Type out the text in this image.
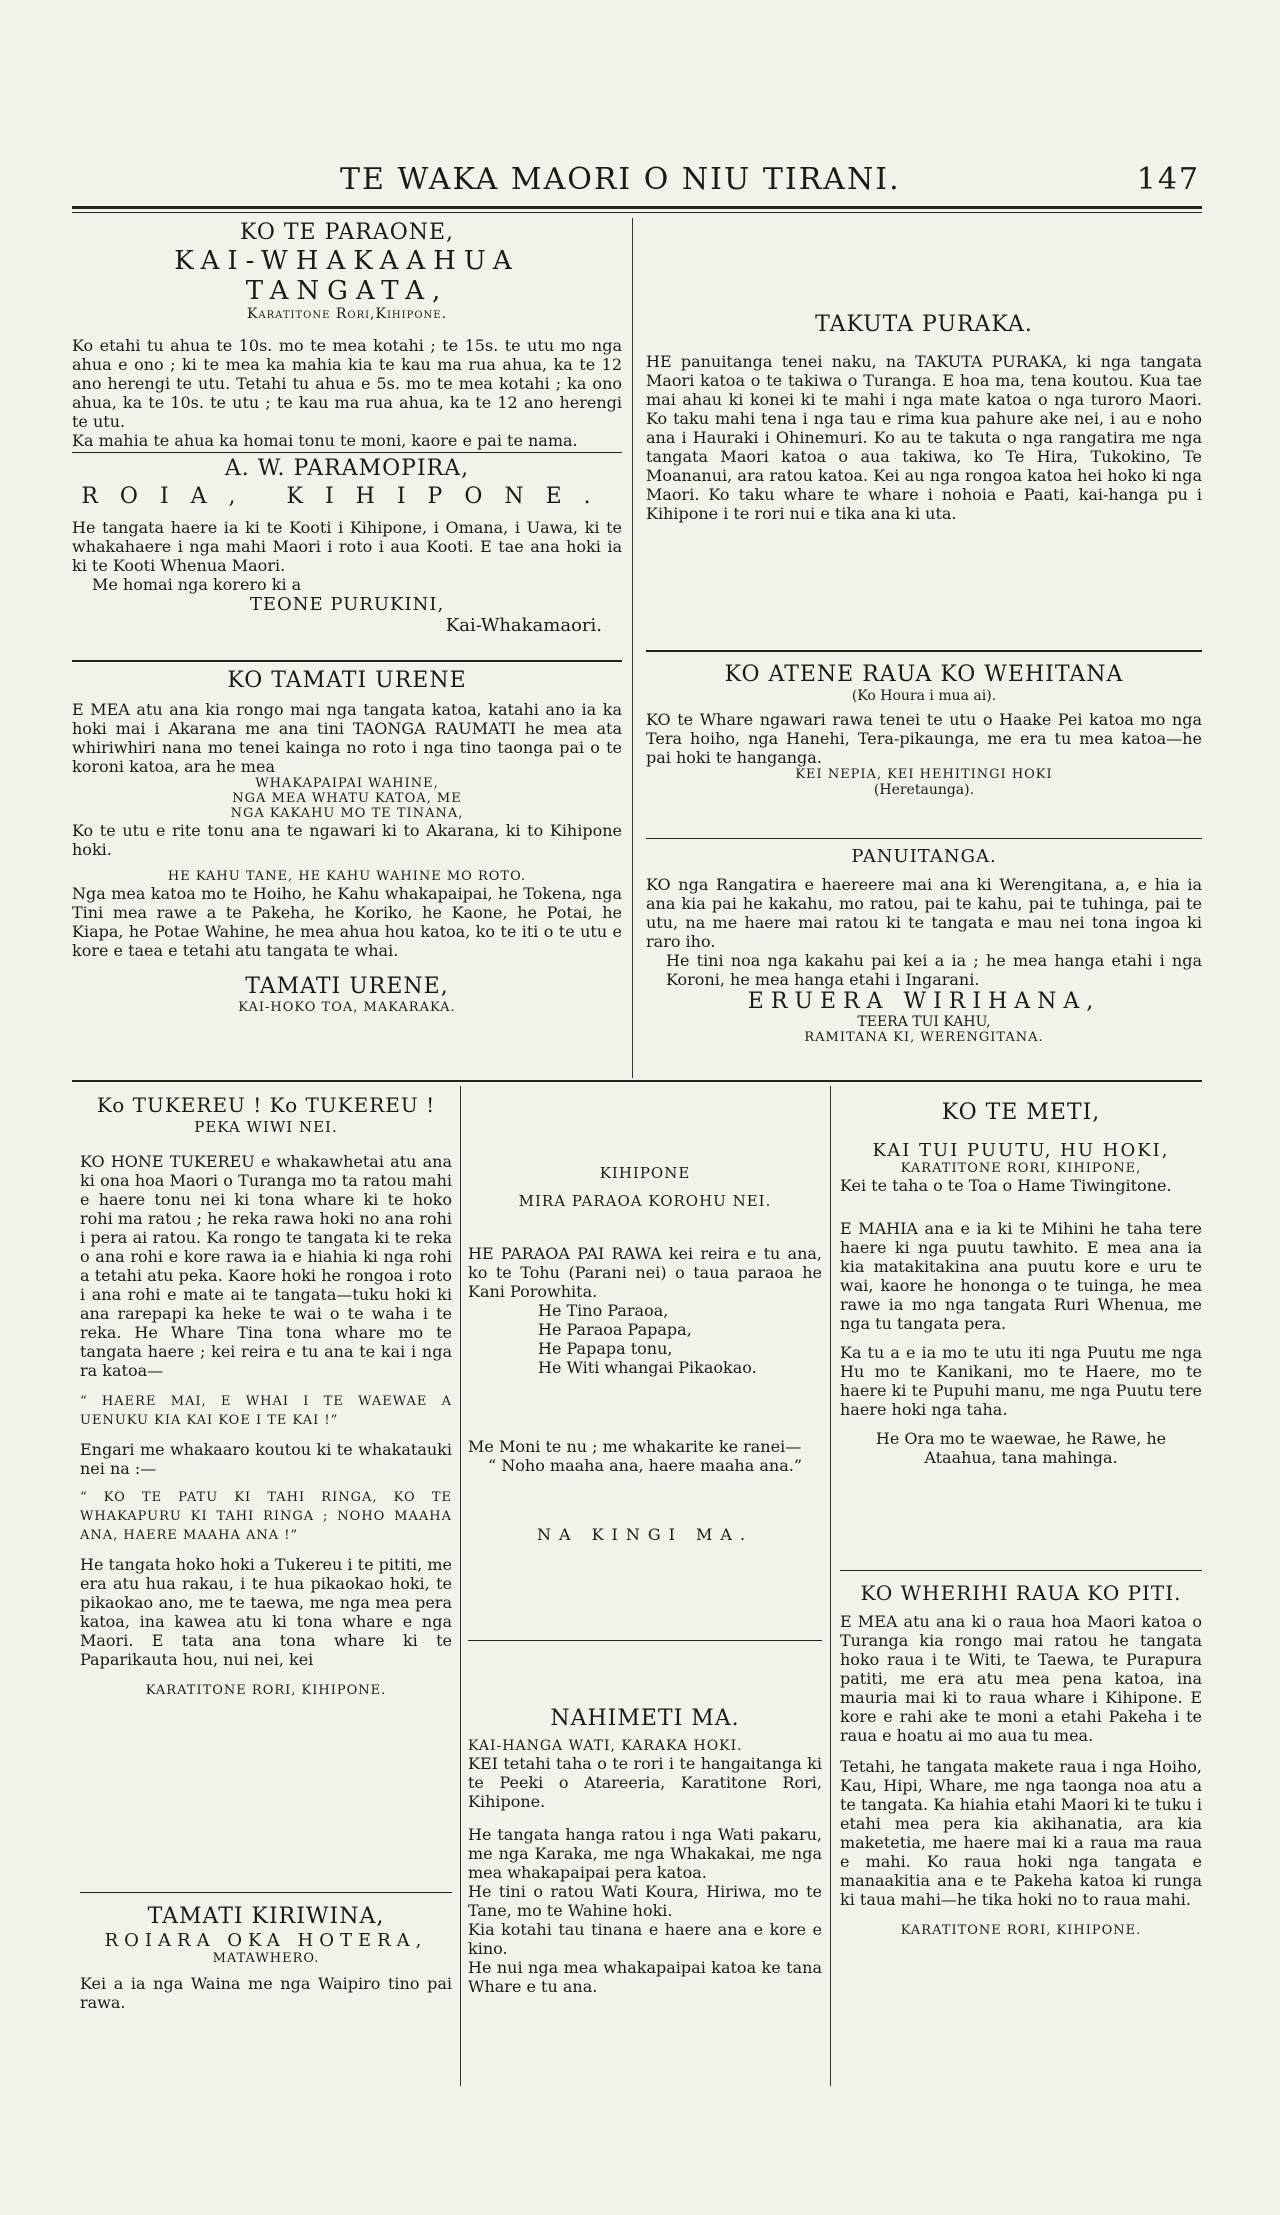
TE WAKA MAORI O NIU TIRANI.	147
KO TE PARAONE,
KAI-WHAKAAHUA TANGATA,
Karatitone Rori,Kihipone.

Ko etahi tu ahua te 10s. mo te mea kotahi ; te 15s. te utu mo nga ahua e ono ; ki te mea ka mahia kia te kau ma rua ahua, ka te 12 ano herengi te utu. Tetahi tu ahua e 5s. mo te mea kotahi ; ka ono ahua, ka te 10s. te utu ; te kau ma rua ahua, ka te 12 ano herengi te utu.

Ka mahia te ahua ka homai tonu te moni, kaore e pai te nama.

A. W. PARAMOPIRA,
ROIA, KIHIPONE.

He tangata haere ia ki te Kooti i Kihipone, i Omana, i Uawa, ki te whakahaere i nga mahi Maori i roto i aua Kooti. E tae ana hoki ia ki te Kooti Whenua Maori.

Me homai nga korero ki a

TEONE PURUKINI,
Kai-Whakamaori.
KO TAMATI URENE

E MEA atu ana kia rongo mai nga tangata katoa, katahi ano ia ka hoki mai i Akarana me ana tini TAONGA RAUMATI he mea ata whiriwhiri nana mo tenei kainga no roto i nga tino taonga pai o te koroni katoa, ara he mea

WHAKAPAIPAI WAHINE,
NGA MEA WHATU KATOA, ME
NGA KAKAHU MO TE TINANA,

Ko te utu e rite tonu ana te ngawari ki to Akarana, ki to Kihipone hoki.

HE KAHU TANE, HE KAHU WAHINE MO ROTO.

Nga mea katoa mo te Hoiho, he Kahu whakapaipai, he Tokena, nga Tini mea rawe a te Pakeha, he Koriko, he Kaone, he Potai, he Kiapa, he Potae Wahine, he mea ahua hou katoa, ko te iti o te utu e kore e taea e tetahi atu tangata te whai.

TAMATI URENE,
KAI-HOKO TOA, MAKARAKA.
TAKUTA PURAKA.

HE panuitanga tenei naku, na TAKUTA PURAKA, ki nga tangata Maori katoa o te takiwa o Turanga. E hoa ma, tena koutou. Kua tae mai ahau ki konei ki te mahi i nga mate katoa o nga turoro Maori. Ko taku mahi tena i nga tau e rima kua pahure ake nei, i au e noho ana i Hauraki i Ohinemuri. Ko au te takuta o nga rangatira me nga tangata Maori katoa o aua takiwa, ko Te Hira, Tukokino, Te Moananui, ara ratou katoa. Kei au nga rongoa katoa hei hoko ki nga Maori. Ko taku whare te whare i nohoia e Paati, kai-hanga pu i Kihipone i te rori nui e tika ana ki uta.

KO ATENE RAUA KO WEHITANA
(Ko Houra i mua ai).

KO te Whare ngawari rawa tenei te utu o Haake Pei katoa mo nga Tera hoiho, nga Hanehi, Tera-pikaunga, me era tu mea katoa—he pai hoki te hanganga.

KEI NEPIA, KEI HEHITINGI HOKI
(Heretaunga).
PANUITANGA.

KO nga Rangatira e haereere mai ana ki Werengitana, a, e hia ia ana kia pai he kakahu, mo ratou, pai te kahu, pai te tuhinga, pai te utu, na me haere mai ratou ki te tangata e mau nei tona ingoa ki raro iho.

He tini noa nga kakahu pai kei a ia ; he mea hanga etahi i nga Koroni, he mea hanga etahi i Ingarani.

ERUERA WIRIHANA,
TEERA TUI KAHU,
RAMITANA KI, WERENGITANA.
Ko TUKEREU ! Ko TUKEREU !
PEKA WIWI NEI.

KO HONE TUKEREU e whakawhetai atu ana ki ona hoa Maori o Turanga mo ta ratou mahi e haere tonu nei ki tona whare ki te hoko rohi ma ratou ; he reka rawa hoki no ana rohi i pera ai ratou. Ka rongo te tangata ki te reka o ana rohi e kore rawa ia e hiahia ki nga rohi a tetahi atu peka. Kaore hoki he rongoa i roto i ana rohi e mate ai te tangata—tuku hoki ki ana rarepapi ka heke te wai o te waha i te reka. He Whare Tina tona whare mo te tangata haere ; kei reira e tu ana te kai i nga ra katoa—

“ HAERE MAI, E WHAI I TE WAEWAE A UENUKU KIA KAI KOE I TE KAI !”

Engari me whakaaro koutou ki te whakatauki nei na :—

“ KO TE PATU KI TAHI RINGA, KO TE WHAKAPURU KI TAHI RINGA ; NOHO MAAHA ANA, HAERE MAAHA ANA !”

He tangata hoko hoki a Tukereu i te pititi, me era atu hua rakau, i te hua pikaokao hoki, te pikaokao ano, me te taewa, me nga mea pera katoa, ina kawea atu ki tona whare e nga Maori. E tata ana tona whare ki te Paparikauta hou, nui nei, kei

KARATITONE RORI, KIHIPONE.
TAMATI KIRIWINA,
ROIARA OKA HOTERA,
MATAWHERO.

Kei a ia nga Waina me nga Waipiro tino pai rawa.

KIHIPONE
MIRA PARAOA KOROHU NEI.

HE PARAOA PAI RAWA kei reira e tu ana, ko te Tohu (Parani nei) o taua paraoa he Kani Porowhita.

He Tino Paraoa,
He Paraoa Papapa,
He Papapa tonu,
He Witi whangai Pikaokao.

Me Moni te nu ; me whakarite ke ranei—

“ Noho maaha ana, haere maaha ana.”

NA KINGI MA.
NAHIMETI MA.
KAI-HANGA WATI, KARAKA HOKI.

KEI tetahi taha o te rori i te hangaitanga ki te Peeki o Atareeria, Karatitone Rori, Kihipone.

He tangata hanga ratou i nga Wati pakaru, me nga Karaka, me nga Whakakai, me nga mea whakapaipai pera katoa.

He tini o ratou Wati Koura, Hiriwa, mo te Tane, mo te Wahine hoki.

Kia kotahi tau tinana e haere ana e kore e kino.

He nui nga mea whakapaipai katoa ke tana Whare e tu ana.

KO TE METI,
KAI TUI PUUTU, HU HOKI,
KARATITONE RORI, KIHIPONE,

Kei te taha o te Toa o Hame Tiwingitone.

E MAHIA ana e ia ki te Mihini he taha tere haere ki nga puutu tawhito. E mea ana ia kia matakitakina ana puutu kore e uru te wai, kaore he hononga o te tuinga, he mea rawe ia mo nga tangata Ruri Whenua, me nga tu tangata pera.

Ka tu a e ia mo te utu iti nga Puutu me nga Hu mo te Kanikani, mo te Haere, mo te haere ki te Pupuhi manu, me nga Puutu tere haere hoki nga taha.

He Ora mo te waewae, he Rawe, he Ataahua, tana mahinga.

KO WHERIHI RAUA KO PITI.

E MEA atu ana ki o raua hoa Maori katoa o Turanga kia rongo mai ratou he tangata hoko raua i te Witi, te Taewa, te Purapura patiti, me era atu mea pena katoa, ina mauria mai ki to raua whare i Kihipone. E kore e rahi ake te moni a etahi Pakeha i te raua e hoatu ai mo aua tu mea.

Tetahi, he tangata makete raua i nga Hoiho, Kau, Hipi, Whare, me nga taonga noa atu a te tangata. Ka hiahia etahi Maori ki te tuku i etahi mea pera kia akihanatia, ara kia maketetia, me haere mai ki a raua ma raua e mahi. Ko raua hoki nga tangata e manaakitia ana e te Pakeha katoa ki runga ki taua mahi—he tika hoki no to raua mahi.

KARATITONE RORI, KIHIPONE.
